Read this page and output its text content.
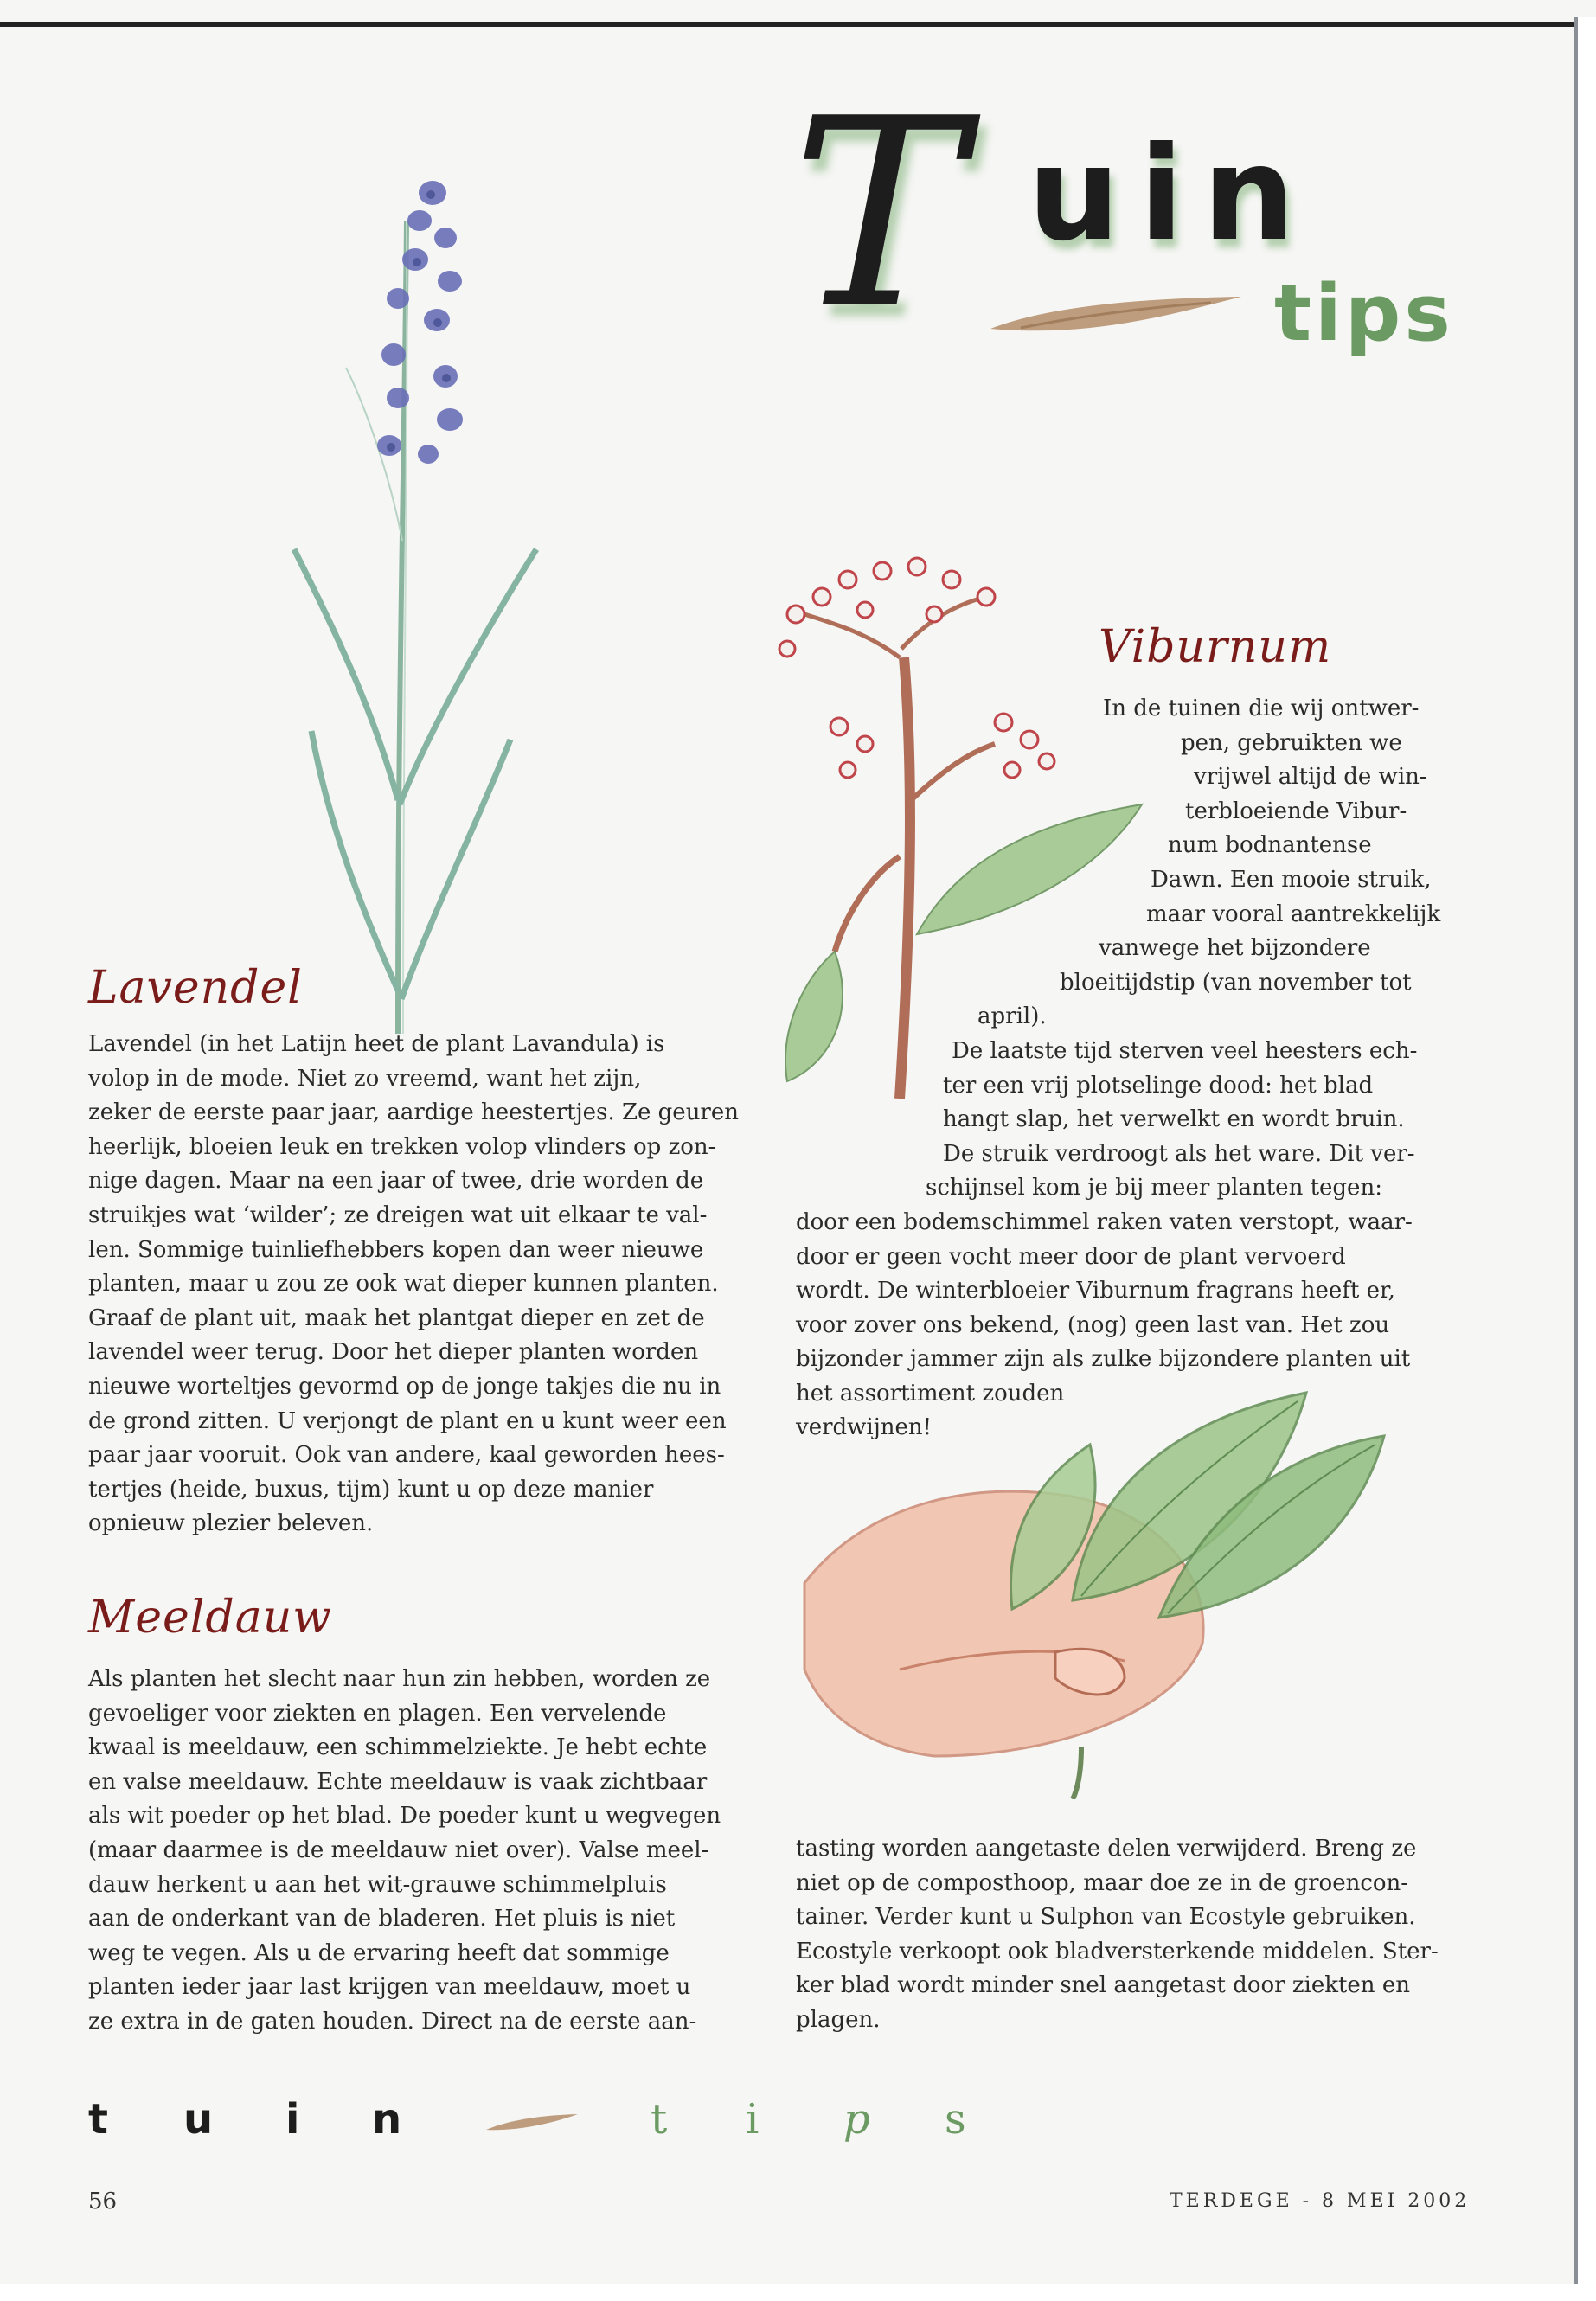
T uin
tips
Lavendel
Lavendel (in het Latijn heet de plant Lavandula) is
volop in de mode. Niet zo vreemd, want het zijn,
zeker de eerste paar jaar, aardige heestertjes. Ze geuren
heerlijk, bloeien leuk en trekken volop vlinders op zon-
nige dagen. Maar na een jaar of twee, drie worden de
struikjes wat ‘wilder’; ze dreigen wat uit elkaar te val-
len. Sommige tuinliefhebbers kopen dan weer nieuwe
planten, maar u zou ze ook wat dieper kunnen planten.
Graaf de plant uit, maak het plantgat dieper en zet de
lavendel weer terug. Door het dieper planten worden
nieuwe worteltjes gevormd op de jonge takjes die nu in
de grond zitten. U verjongt de plant en u kunt weer een
paar jaar vooruit. Ook van andere, kaal geworden hees-
tertjes (heide, buxus, tijm) kunt u op deze manier
opnieuw plezier beleven.
Viburnum
In de tuinen die wij ontwer-
pen, gebruikten we
vrijwel altijd de win-
terbloeiende Vibur-
num bodnantense
Dawn. Een mooie struik,
maar vooral aantrekkelijk
vanwege het bijzondere
bloeitijdstip (van november tot
april).
De laatste tijd sterven veel heesters ech-
ter een vrij plotselinge dood: het blad
hangt slap, het verwelkt en wordt bruin.
De struik verdroogt als het ware. Dit ver-
schijnsel kom je bij meer planten tegen:
door een bodemschimmel raken vaten verstopt, waar-
door er geen vocht meer door de plant vervoerd
wordt. De winterbloeier Viburnum fragrans heeft er,
voor zover ons bekend, (nog) geen last van. Het zou
bijzonder jammer zijn als zulke bijzondere planten uit
het assortiment zouden
verdwijnen!
Meeldauw
Als planten het slecht naar hun zin hebben, worden ze
gevoeliger voor ziekten en plagen. Een vervelende
kwaal is meeldauw, een schimmelziekte. Je hebt echte
en valse meeldauw. Echte meeldauw is vaak zichtbaar
als wit poeder op het blad. De poeder kunt u wegvegen
(maar daarmee is de meeldauw niet over). Valse meel-
dauw herkent u aan het wit-grauwe schimmelpluis
aan de onderkant van de bladeren. Het pluis is niet
weg te vegen. Als u de ervaring heeft dat sommige
planten ieder jaar last krijgen van meeldauw, moet u
ze extra in de gaten houden. Direct na de eerste aan-
tasting worden aangetaste delen verwijderd. Breng ze
niet op de composthoop, maar doe ze in de groencon-
tainer. Verder kunt u Sulphon van Ecostyle gebruiken.
Ecostyle verkoopt ook bladversterkende middelen. Ster-
ker blad wordt minder snel aangetast door ziekten en
plagen.
t u i n	t i p s
56	TERDEGE - 8 MEI 2002
